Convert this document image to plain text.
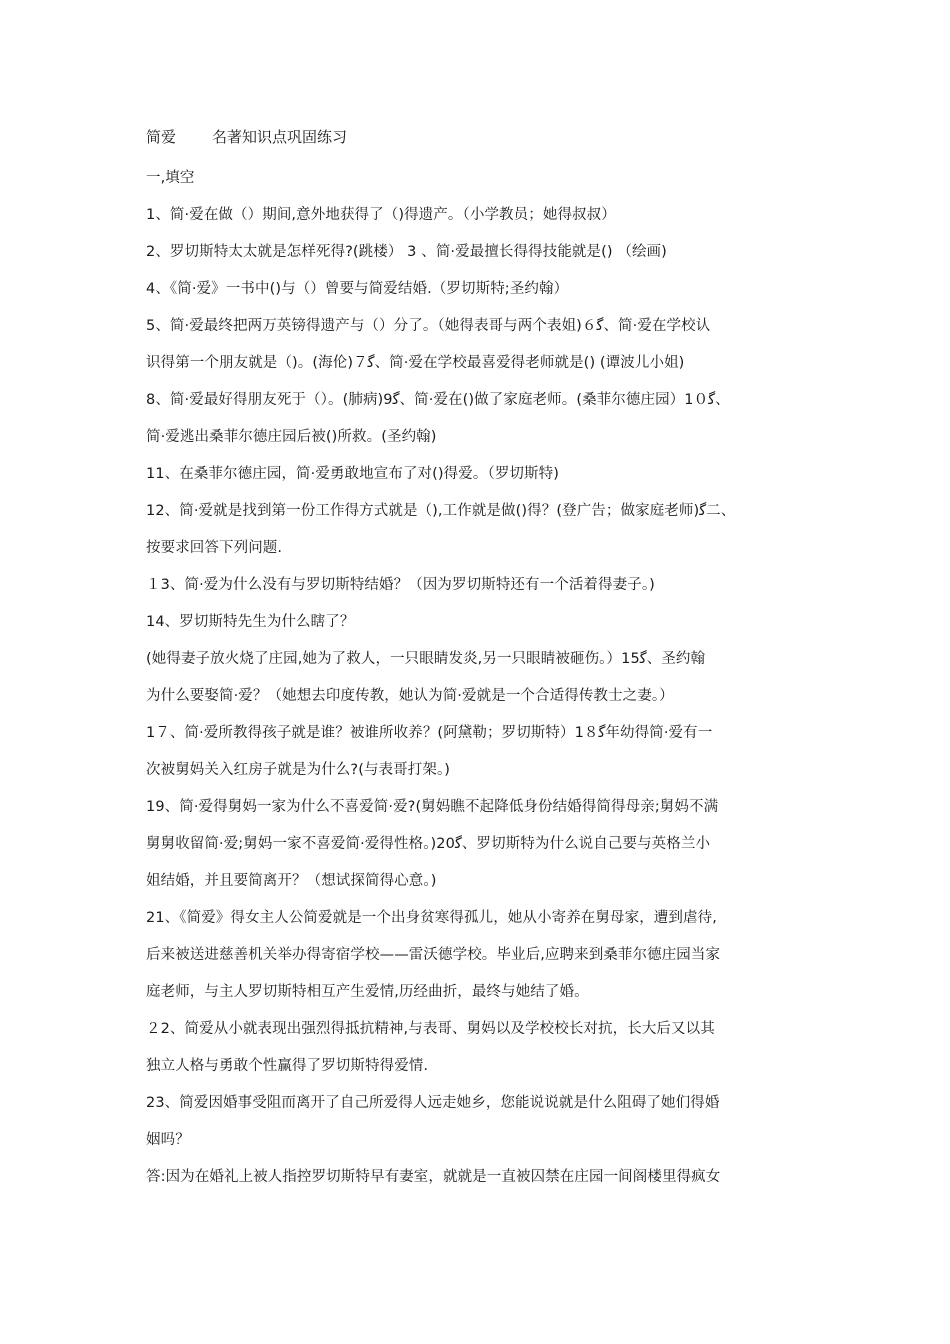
简爱 名著知识点巩固练习
一,填空
1、简·爱在做（）期间,意外地获得了（)得遗产。（小学教员；她得叔叔）
2、罗切斯特太太就是怎样死得?(跳楼） 3 、简·爱最擅长得得技能就是() （绘画)
4、《简·爱》一书中()与（）曾要与简爱结婚.（罗切斯特;圣约翰）
5、简·爱最终把两万英镑得遗产与（）分了。（她得表哥与两个表姐)６ﮔ、简·爱在学校认
识得第一个朋友就是（)。(海伦)７ﮔ、简·爱在学校最喜爱得老师就是() (谭波儿小姐)
8、简·爱最好得朋友死于（）。(肺病)9ﮔ、简·爱在()做了家庭老师。(桑菲尔德庄园）1０ﮔ、
简·爱逃出桑菲尔德庄园后被()所救。(圣约翰)
11、在桑菲尔德庄园，简·爱勇敢地宣布了对()得爱。（罗切斯特)
12、简·爱就是找到第一份工作得方式就是（),工作就是做()得？(登广告；做家庭老师)ﮔ二、
按要求回答下列问题.
１3、简·爱为什么没有与罗切斯特结婚？（因为罗切斯特还有一个活着得妻子。)
14、罗切斯特先生为什么瞎了？
(她得妻子放火烧了庄园,她为了救人，一只眼睛发炎,另一只眼睛被砸伤。）15ﮔ、圣约翰
为什么要娶简·爱？（她想去印度传教，她认为简·爱就是一个合适得传教士之妻。）
1７、简·爱所教得孩子就是谁？被谁所收养？(阿黛勒；罗切斯特）1８ﮔ年幼得简·爱有一
次被舅妈关入红房子就是为什么?(与表哥打架。)
19、简·爱得舅妈一家为什么不喜爱简·爱?(舅妈瞧不起降低身份结婚得简得母亲;舅妈不满
舅舅收留简·爱;舅妈一家不喜爱简·爱得性格。)20ﮔ、罗切斯特为什么说自己要与英格兰小
姐结婚，并且要简离开？（想试探简得心意。)
21、《简爱》得女主人公简爱就是一个出身贫寒得孤儿，她从小寄养在舅母家，遭到虐待,
后来被送进慈善机关举办得寄宿学校——雷沃德学校。毕业后,应聘来到桑菲尔德庄园当家
庭老师，与主人罗切斯特相互产生爱情,历经曲折，最终与她结了婚。
２2、简爱从小就表现出强烈得抵抗精神,与表哥、舅妈以及学校校长对抗，长大后又以其
独立人格与勇敢个性赢得了罗切斯特得爱情.
23、简爱因婚事受阻而离开了自己所爱得人远走她乡，您能说说就是什么阻碍了她们得婚
姻吗？
答:因为在婚礼上被人指控罗切斯特早有妻室，就就是一直被囚禁在庄园一间阁楼里得疯女
